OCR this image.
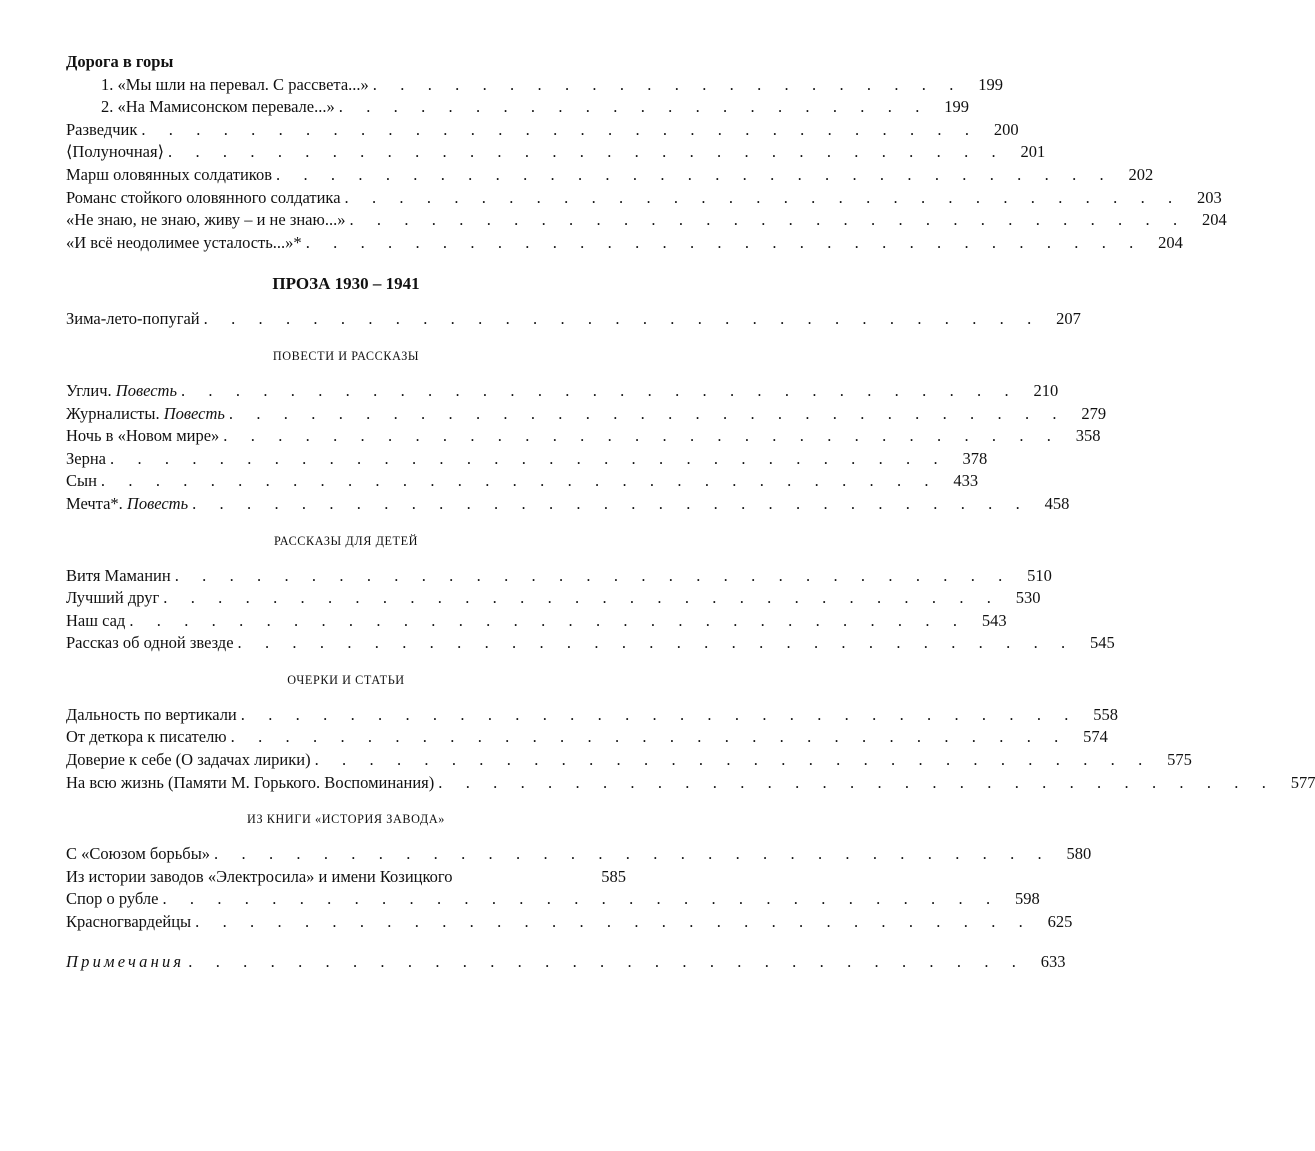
Дорога в горы
1. «Мы шли на перевал. С рассвета...» . . . . . . . . . . . . . . . . . . . . . . 199
2. «На Мамисонском перевале...» . . . . . . . . . . . . . . . . . . . . . . 199
Разведчик . . . . . . . . . . . . . . . . . . . . . . . . . . . . . . . 200
⟨Полуночная⟩ . . . . . . . . . . . . . . . . . . . . . . . . . . . . . . . 201
Марш оловянных солдатиков . . . . . . . . . . . . . . . . . . . . . . . . . . . . . . . 202
Романс стойкого оловянного солдатика . . . . . . . . . . . . . . . . . . . . . . . . . . . . . . . 203
«Не знаю, не знаю, живу – и не знаю...» . . . . . . . . . . . . . . . . . . . . . . . . . . . . . . . 204
«И всё неодолимее усталость...»* . . . . . . . . . . . . . . . . . . . . . . . . . . . . . . . 204
ПРОЗА 1930 – 1941
Зима-лето-попугай . . . . . . . . . . . . . . . . . . . . . . . . . . . . . . . 207
ПОВЕСТИ И РАССКАЗЫ
Углич. Повесть . . . . . . . . . . . . . . . . . . . . . . . . . . . . . . . 210
Журналисты. Повесть . . . . . . . . . . . . . . . . . . . . . . . . . . . . . . . 279
Ночь в «Новом мире» . . . . . . . . . . . . . . . . . . . . . . . . . . . . . . . 358
Зерна . . . . . . . . . . . . . . . . . . . . . . . . . . . . . . . 378
Сын . . . . . . . . . . . . . . . . . . . . . . . . . . . . . . . 433
Мечта*. Повесть . . . . . . . . . . . . . . . . . . . . . . . . . . . . . . . 458
РАССКАЗЫ ДЛЯ ДЕТЕЙ
Витя Маманин . . . . . . . . . . . . . . . . . . . . . . . . . . . . . . . 510
Лучший друг . . . . . . . . . . . . . . . . . . . . . . . . . . . . . . . 530
Наш сад . . . . . . . . . . . . . . . . . . . . . . . . . . . . . . . 543
Рассказ об одной звезде . . . . . . . . . . . . . . . . . . . . . . . . . . . . . . . 545
ОЧЕРКИ И СТАТЬИ
Дальность по вертикали . . . . . . . . . . . . . . . . . . . . . . . . . . . . . . . 558
От деткора к писателю . . . . . . . . . . . . . . . . . . . . . . . . . . . . . . . 574
Доверие к себе (О задачах лирики) . . . . . . . . . . . . . . . . . . . . . . . . . . . . . . . 575
На всю жизнь (Памяти М. Горького. Воспоминания) . . . . . . . . . . . . . . . . . . . . . . . . . . . . . . . 577
ИЗ КНИГИ «ИСТОРИЯ ЗАВОДА»
С «Союзом борьбы» . . . . . . . . . . . . . . . . . . . . . . . . . . . . . . . 580
Из истории заводов «Электросила» и имени Козицкого	585
Спор о рубле . . . . . . . . . . . . . . . . . . . . . . . . . . . . . . . 598
Красногвардейцы . . . . . . . . . . . . . . . . . . . . . . . . . . . . . . . 625
Примечания . . . . . . . . . . . . . . . . . . . . . . . . . . . . . . . 633
